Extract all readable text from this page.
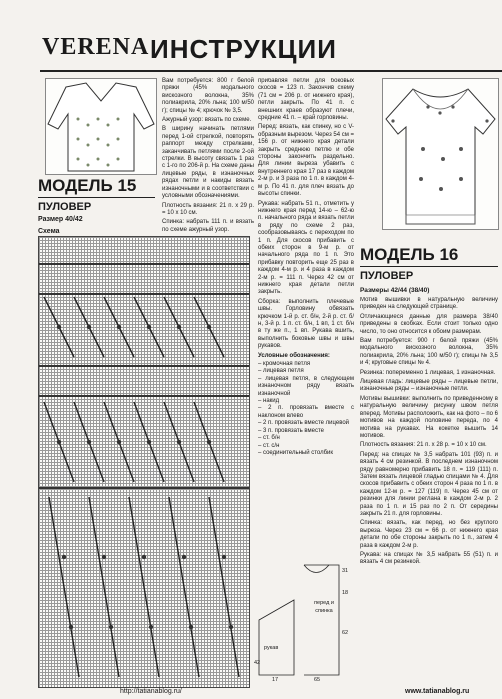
VERENA ИНСТРУКЦИИ
МОДЕЛЬ 15
ПУЛОВЕР
Размер 40/42

Вам потребуется: 800 г белой пряжи (45% модального вискозного волокна, 35% полиакрила, 20% льна; 100 м/50 г); спицы № 4; крючок № 3,5.

Ажурный узор: вязать по схеме.

В ширину начинать петлями перед 1-ой стрелкой, повторять раппорт между стрелками, заканчивать петлями после 2-ой стрелки. В высоту связать 1 раз с 1-го по 206-й р. На схеме даны лицевые ряды, в изнаночных рядах петли и накиды вязать изнаночными и в соответствии с условными обозначениями.

Плотность вязания: 21 п. x 29 р. = 10 x 10 см.

Спинка: набрать 111 п. и вязать по схеме ажурный узор.

прибавляя петли для боковых скосов = 123 п. Закончив схему (71 см = 206 р. от нижнего края), петли закрыть. По 41 п. с внешних краев образуют плечи, средние 41 п. – край горловины.

Перед: вязать, как спинку, но с V-образным вырезом. Через 54 см = 156 р. от нижнего края детали закрыть среднюю петлю и обе стороны закончить раздельно. Для линии выреза убавить с внутреннего края 17 раз в каждом 2-м р. и 3 раза по 1 п. в каждом 4-м р. По 41 п. для плеч вязать до высоты спинки.

Рукава: набрать 51 п., отметить у нижнего края перед 14-ю – 62-ю п. начального ряда и вязать петли в ряду по схеме 2 раз, сообразовываясь с переходом по 1 п. Для скосов прибавить с обеих сторон в 9-м р. от начального ряда по 1 п. Это прибавку повторить еще 25 раз в каждом 4-м р. и 4 раза в каждом 2-м р. = 111 п. Через 42 см от нижнего края детали петли закрыть.

Сборка: выполнить плечевые швы. Горловину обвязать крючком 1-й р. ст. б/н, 2-й р. ст. б/н, 3-й р. 1 п. ст. б/н, 1 вп, 1 ст. б/н в ту же п., 1 вп. Рукава вшить, выполнить боковые швы и швы рукавов.

Условные обозначения:

– кромочная петля

– лицевая петля

– лицевая петля, в следующем изнаночном ряду вязать изнаночной

– накид

– 2 п. провязать вместе с наклоном влево

– 2 п. провязать вместе лицевой

– 3 п. провязать вместе

– ст. б/н

– ст. с/н

– соединительный столбик

Схема
МОДЕЛЬ 16
ПУЛОВЕР
Размеры 42/44 (38/40)

Мотив вышивки в натуральную величину приведен на следующей странице.

Отличающиеся данные для размера 38/40 приведены в скобках. Если стоит только одно число, то оно относится к обоим размерам.

Вам потребуется: 900 г белой пряжи (45% модального вискозного волокна, 35% полиакрила, 20% льна; 100 м/50 г); спицы № 3,5 и 4; круговые спицы № 4.

Резинка: попеременно 1 лицевая, 1 изнаночная.

Лицевая гладь: лицевые ряды – лицевые петли, изнаночные ряды – изнаночные петли.

Мотивы вышивки: выполнить по приведенному в натуральную величину рисунку швом петля вперед. Мотивы расположить, как на фото – по 6 мотивов на каждой половине переда, по 4 мотива на рукавах. На кокетке вышить 14 мотивов.

Плотность вязания: 21 п. x 28 р. = 10 x 10 см.

Перед: на спицах № 3,5 набрать 101 (93) п. и вязать 4 см резинкой. В последнем изнаночном ряду равномерно прибавить 18 п. = 119 (111) п. Затем вязать лицевой гладью спицами № 4. Для скосов прибавить с обеих сторон 4 раза по 1 п. в каждом 12-м р. = 127 (119) п. Через 45 см от резинки для линии реглана в каждом 2-м р. 2 раза по 1 п. и 15 раз по 2 п. От середины закрыть 21 п. для горловины.

Спинка: вязать, как перед, но без круглого выреза. Через 23 см = 66 р. от нижнего края детали по обе стороны закрыть по 1 п., затем 4 раза в каждом 2-м р.

Рукава: на спицах № 3,5 набрать 55 (51) п. и вязать 4 см резинкой.

перед и спинка
рукав
31
18
62
42
65
17
http://tatianablog.ru/	www.tatianablog.ru
